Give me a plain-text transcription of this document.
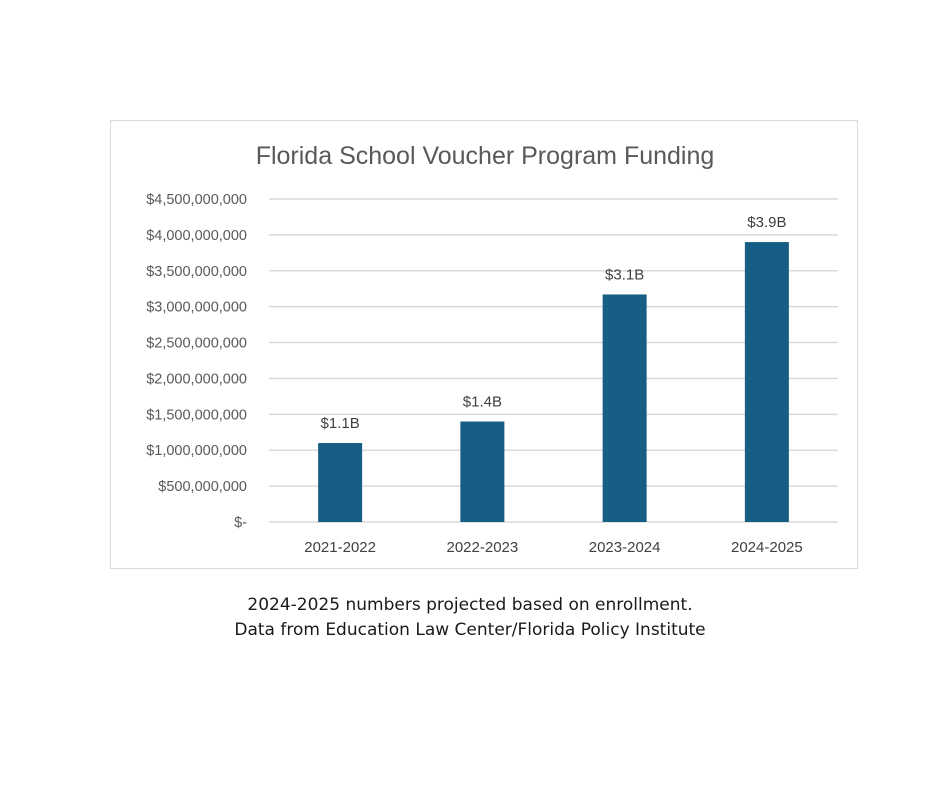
Florida School Voucher Program Funding
$-
$500,000,000
$1,000,000,000
$1,500,000,000
$2,000,000,000
$2,500,000,000
$3,000,000,000
$3,500,000,000
$4,000,000,000
$4,500,000,000
$1.1B
$1.4B
$3.1B
$3.9B
2021-2022	2022-2023	2023-2024	2024-2025
2024-2025 numbers projected based on enrollment.
Data from Education Law Center/Florida Policy Institute
